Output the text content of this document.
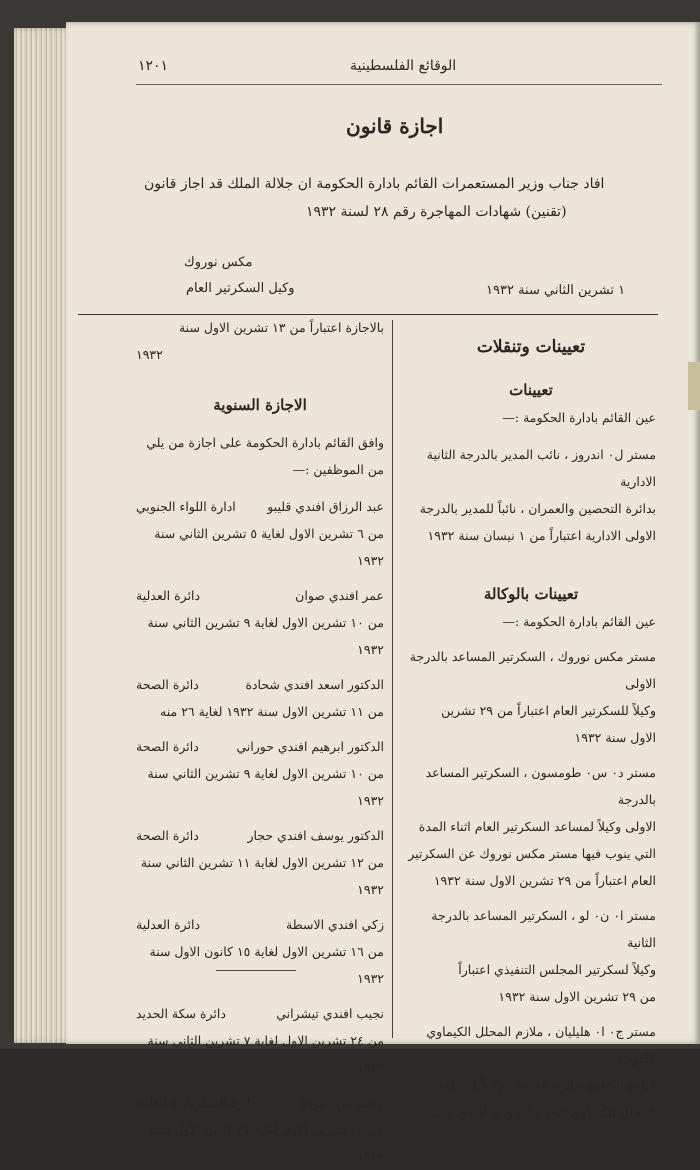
الوقائع الفلسطينية
١٢٠١
اجازة قانون
افاد جناب وزير المستعمرات القائم بادارة الحكومة ان جلالة الملك قد اجاز قانون
(تقنين) شهادات المهاجرة رقم ٢٨ لسنة ١٩٣٢
مكس نوروك
وكيل السكرتير العام	١ تشرين الثاني سنة ١٩٣٢
تعيينات وتنقلات
تعيينات
عين القائم بادارة الحكومة :—
مستر ل٠ اندروز ، نائب المدير بالدرجة الثانية الادارية
بدائرة التحصين والعمران ، نائباً للمدير بالدرجة
الاولى الادارية اعتباراً من ١ نيسان سنة ١٩٣٢
تعيينات بالوكالة
عين القائم بادارة الحكومة :—
مستر مكس نوروك ، السكرتير المساعد بالدرجة الاولى
وكيلاً للسكرتير العام اعتباراً من ٢٩ تشرين
الاول سنة ١٩٣٢
مستر د٠ س٠ طومسون ، السكرتير المساعد بالدرجة
الاولى وكيلاً لمساعد السكرتير العام اثناء المدة
التي ينوب فيها مستر مكس نوروك عن السكرتير
العام اعتباراً من ٢٩ تشرين الاول سنة ١٩٣٢
مستر ا٠ ن٠ لو ، السكرتير المساعد بالدرجة الثانية
وكيلاً لسكرتير المجلس التنفيذي اعتباراً
من ٢٩ تشرين الاول سنة ١٩٣٢
مستر ج٠ ا٠ هليليان ، ملازم المحلل الكيماوي بالدرجة
الثانية الكتابية بدائرة الصحة ، وكيلاً لمساعد
المحلل الكيماوي اثناء غياب وديع افندي ايتيم
بالاجازة اعتباراً من ١٣ تشرين الاول سنة
١٩٣٢
الاجازة السنوية
وافق القائم بادارة الحكومة على اجازة من يلي
من الموظفين :—
عبد الرزاق افندي قليبو
ادارة اللواء الجنوبي
من ٦ تشرين الاول لغاية ٥ تشرين الثاني سنة ١٩٣٢
عمر افندي صوان
دائرة العدلية
من ١٠ تشرين الاول لغاية ٩ تشرين الثاني سنة ١٩٣٢
الدكتور اسعد افندي شحادة
دائرة الصحة
من ١١ تشرين الاول سنة ١٩٣٢ لغاية ٢٦ منه
الدكتور ابرهيم افندي حوراني
دائرة الصحة
من ١٠ تشرين الاول لغاية ٩ تشرين الثاني سنة ١٩٣٢
الدكتور يوسف افندي حجار
دائرة الصحة
من ١٢ تشرين الاول لغاية ١١ تشرين الثاني سنة ١٩٣٢
زكي افندي الاسطة
دائرة العدلية
من ١٦ تشرين الاول لغاية ١٥ كانون الاول سنة ١٩٣٢
نجيب افندي تيشراني
دائرة سكة الحديد
من ٢٤ تشرين الاول لغاية ٧ تشرين الثاني سنة ١٩٣٢
مستر س٠ مودي
دائرة السكرتارية العامة
من ٢٩ تشرين الاول لغاية ٢١ كانون الاول سنة ١٩٣٢
